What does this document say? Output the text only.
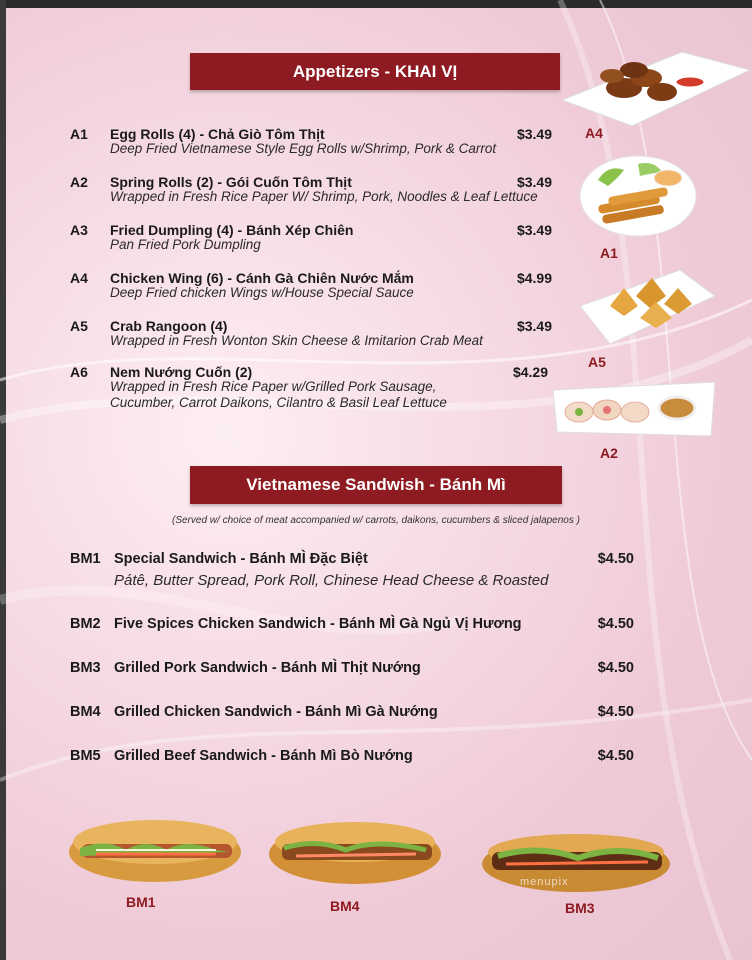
Appetizers - KHAI VỊ
A1 Egg Rolls (4) - Chả Giò Tôm Thịt	$3.49
Deep Fried Vietnamese Style Egg Rolls w/Shrimp, Pork & Carrot
A2 Spring Rolls (2) - Gói Cuốn Tôm Thịt	$3.49
Wrapped in Fresh Rice Paper W/ Shrimp, Pork, Noodles & Leaf Lettuce
A3 Fried Dumpling (4) - Bánh Xép Chiên	$3.49
Pan Fried Pork Dumpling
A4 Chicken Wing (6) - Cánh Gà Chiên Nước Mắm	$4.99
Deep Fried chicken Wings w/House Special Sauce
A5 Crab Rangoon (4)	$3.49
Wrapped in Fresh Wonton Skin Cheese & Imitarion Crab Meat
A6 Nem Nướng Cuốn (2)	$4.29
Wrapped in Fresh Rice Paper w/Grilled Pork Sausage,
Cucumber, Carrot Daikons, Cilantro & Basil Leaf Lettuce
A4
A1
A5
A2
Vietnamese Sandwish - Bánh Mì
(Served w/ choice of meat accompanied w/ carrots, daikons, cucumbers & sliced jalapenos )
BM1 Special Sandwich - Bánh MÌ Đặc Biệt	$4.50
Pátê, Butter Spread, Pork Roll, Chinese Head Cheese & Roasted
BM2 Five Spices Chicken Sandwich - Bánh MÌ Gà Ngủ Vị Hương	$4.50
BM3 Grilled Pork Sandwich - Bánh MÌ Thịt Nướng	$4.50
BM4 Grilled Chicken Sandwich - Bánh Mì Gà Nướng	$4.50
BM5 Grilled Beef Sandwich - Bánh Mì Bò Nướng	$4.50
BM1	BM4
menupix
BM3
